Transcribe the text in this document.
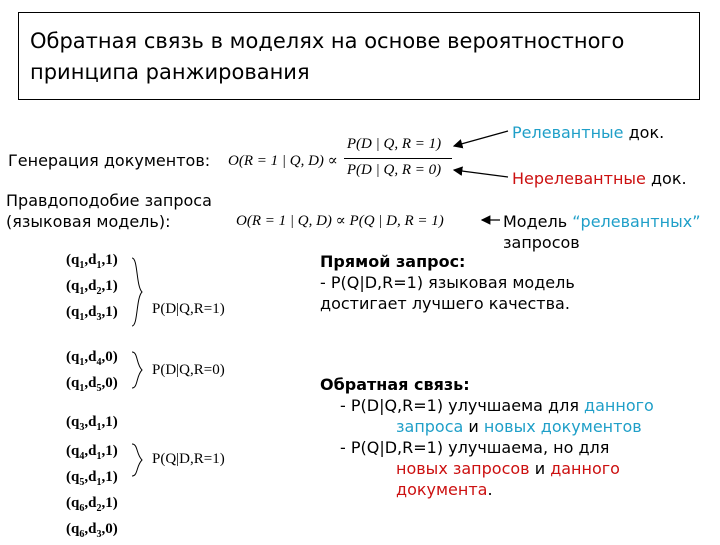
Обратная связь в моделях на основе вероятностного
принципа ранжирования
Релевантные док.
Генерация документов: O(R = 1 | Q, D) ∝
P(D | Q, R = 1)
P(D | Q, R = 0)	Нерелевантные док.
Правдоподобие запроса
(языковая модель):	O(R = 1 | Q, D) ∝ P(Q | D, R = 1)	Модель “релевантных”
запросов
$(q_1,d_1,1)$
$(q_1,d_2,1)$
$(q_1,d_3,1)$ P(D|Q,R=1)
$(q_1,d_4,0)$
$(q_1,d_5,0)$
P(D|Q,R=0)
$(q_3,d_1,1)$
$(q_4,d_1,1)$
$(q_5,d_1,1)$
$(q_6,d_2,1)$
$(q_6,d_3,0)$
P(Q|D,R=1)
Прямой запрос:
- P(Q|D,R=1) языковая модель
достигает лучшего качества.
Обратная связь:
- P(D|Q,R=1) улучшаема для данного
запроса и новых документов
- P(Q|D,R=1) улучшаема, но для
новых запросов и данного
документа.
